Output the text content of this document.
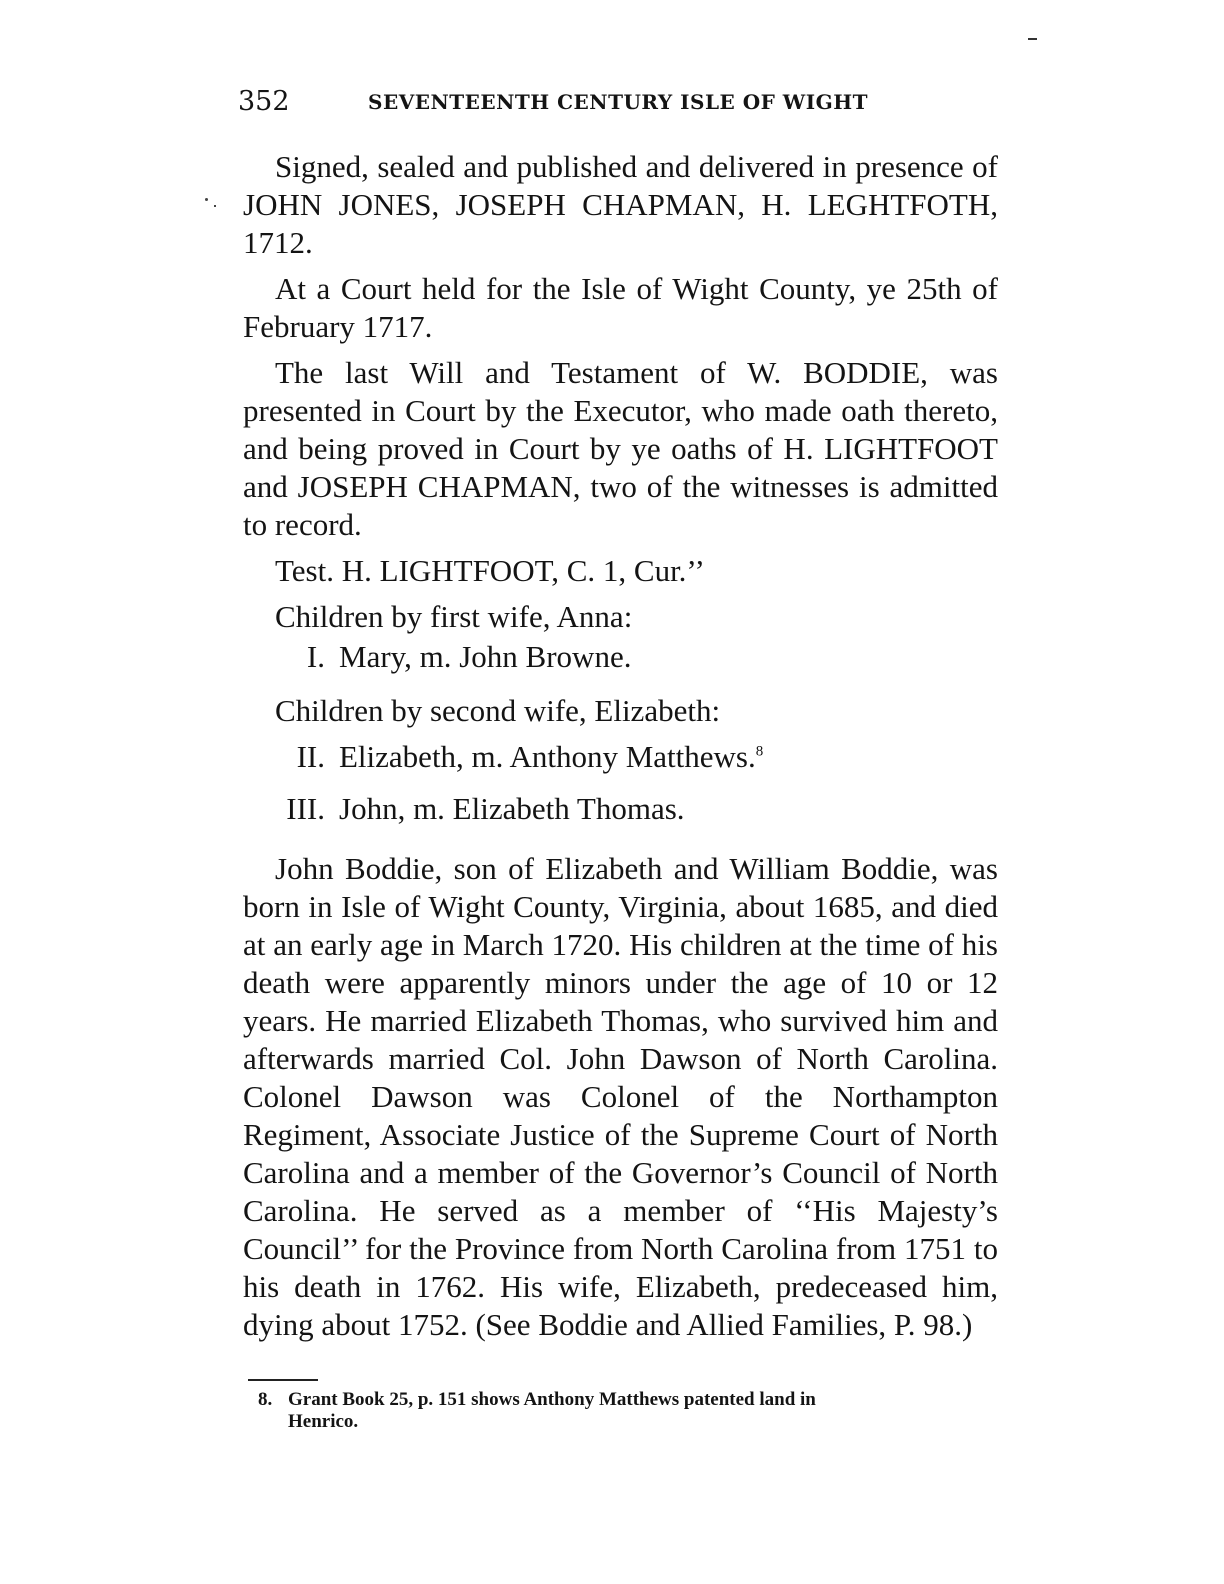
352	SEVENTEENTH CENTURY ISLE OF WIGHT

Signed, sealed and published and delivered in presence of JOHN JONES, JOSEPH CHAPMAN, H. LEGHTFOTH, 1712.

At a Court held for the Isle of Wight County, ye 25th of February 1717.

The last Will and Testament of W. BODDIE, was presented in Court by the Executor, who made oath thereto, and being proved in Court by ye oaths of H. LIGHTFOOT and JOSEPH CHAPMAN, two of the witnesses is admitted to record.

Test. H. LIGHTFOOT, C. 1, Cur.’’

Children by first wife, Anna:

I. Mary, m. John Browne.

Children by second wife, Elizabeth:

II. Elizabeth, m. Anthony Matthews.$^8$

III. John, m. Elizabeth Thomas.

John Boddie, son of Elizabeth and William Boddie, was born in Isle of Wight County, Virginia, about 1685, and died at an early age in March 1720. His children at the time of his death were apparently minors under the age of 10 or 12 years. He married Elizabeth Thomas, who survived him and afterwards married Col. John Dawson of North Carolina. Colonel Dawson was Colonel of the Northampton Regiment, Associate Justice of the Supreme Court of North Carolina and a member of the Governor’s Council of North Carolina. He served as a member of ‘‘His Majesty’s Council’’ for the Province from North Carolina from 1751 to his death in 1762. His wife, Elizabeth, predeceased him, dying about 1752. (See Boddie and Allied Families, P. 98.)

8. Grant Book 25, p. 151 shows Anthony Matthews patented land in
Henrico.
